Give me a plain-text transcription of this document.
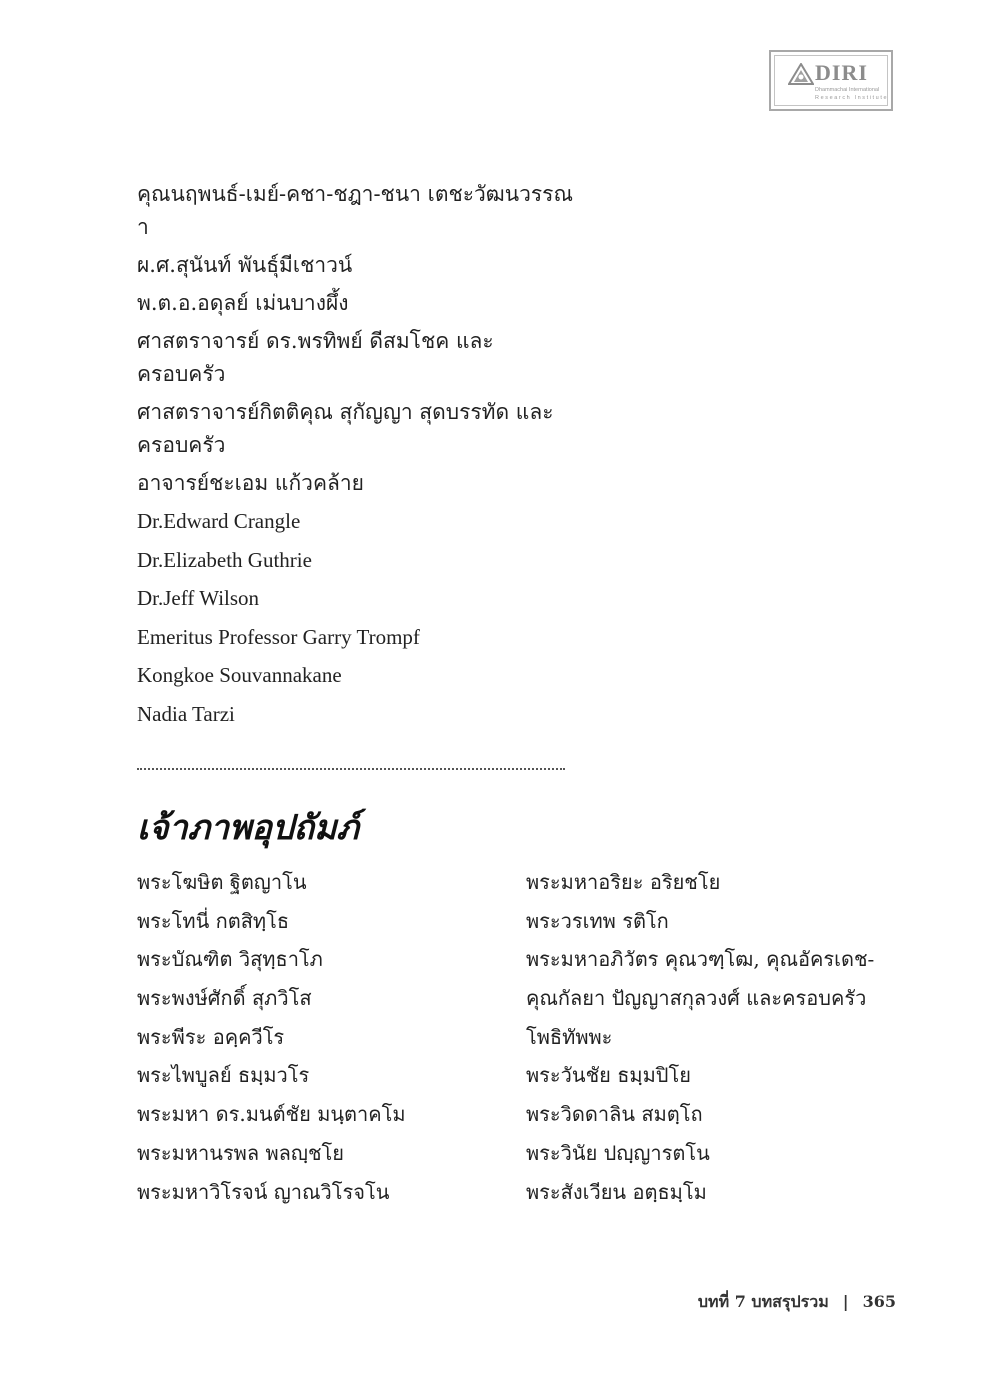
DIRI
Dhammachai International
Research Institute
คุณนฤพนธ์-เมย์-คชา-ชฎา-ชนา เตชะวัฒนวรรณา
ผ.ศ.สุนันท์ พันธุ์มีเชาวน์
พ.ต.อ.อดุลย์ เม่นบางผึ้ง
ศาสตราจารย์ ดร.พรทิพย์ ดีสมโชค และครอบครัว
ศาสตราจารย์กิตติคุณ สุกัญญา สุดบรรทัด และครอบครัว
อาจารย์ชะเอม แก้วคล้าย
Dr.Edward Crangle
Dr.Elizabeth Guthrie
Dr.Jeff Wilson
Emeritus Professor Garry Trompf
Kongkoe Souvannakane
Nadia Tarzi
เจ้าภาพอุปถัมภ์
พระโฆษิต ฐิตญาโน
พระโทนี่ กตสิทฺโธ
พระบัณฑิต วิสุทฺธาโภ
พระพงษ์ศักดิ์ สุภวิโส
พระพีระ อคฺควีโร
พระไพบูลย์ ธมฺมวโร
พระมหา ดร.มนต์ชัย มนฺตาคโม
พระมหานรพล พลญฺชโย
พระมหาวิโรจน์ ญาณวิโรจโน
พระมหาอริยะ อริยชโย
พระวรเทพ รติโก
พระมหาอภิวัตร คุณวฑฺโฒ, คุณอัครเดช-
คุณกัลยา ปัญญาสกุลวงศ์ และครอบครัว
โพธิทัพพะ
พระวันชัย ธมฺมปิโย
พระวิดดาลิน สมตฺโถ
พระวินัย ปญฺญารตโน
พระสังเวียน อตฺธมฺโม
บทที่ 7 บทสรุปรวม | 365
